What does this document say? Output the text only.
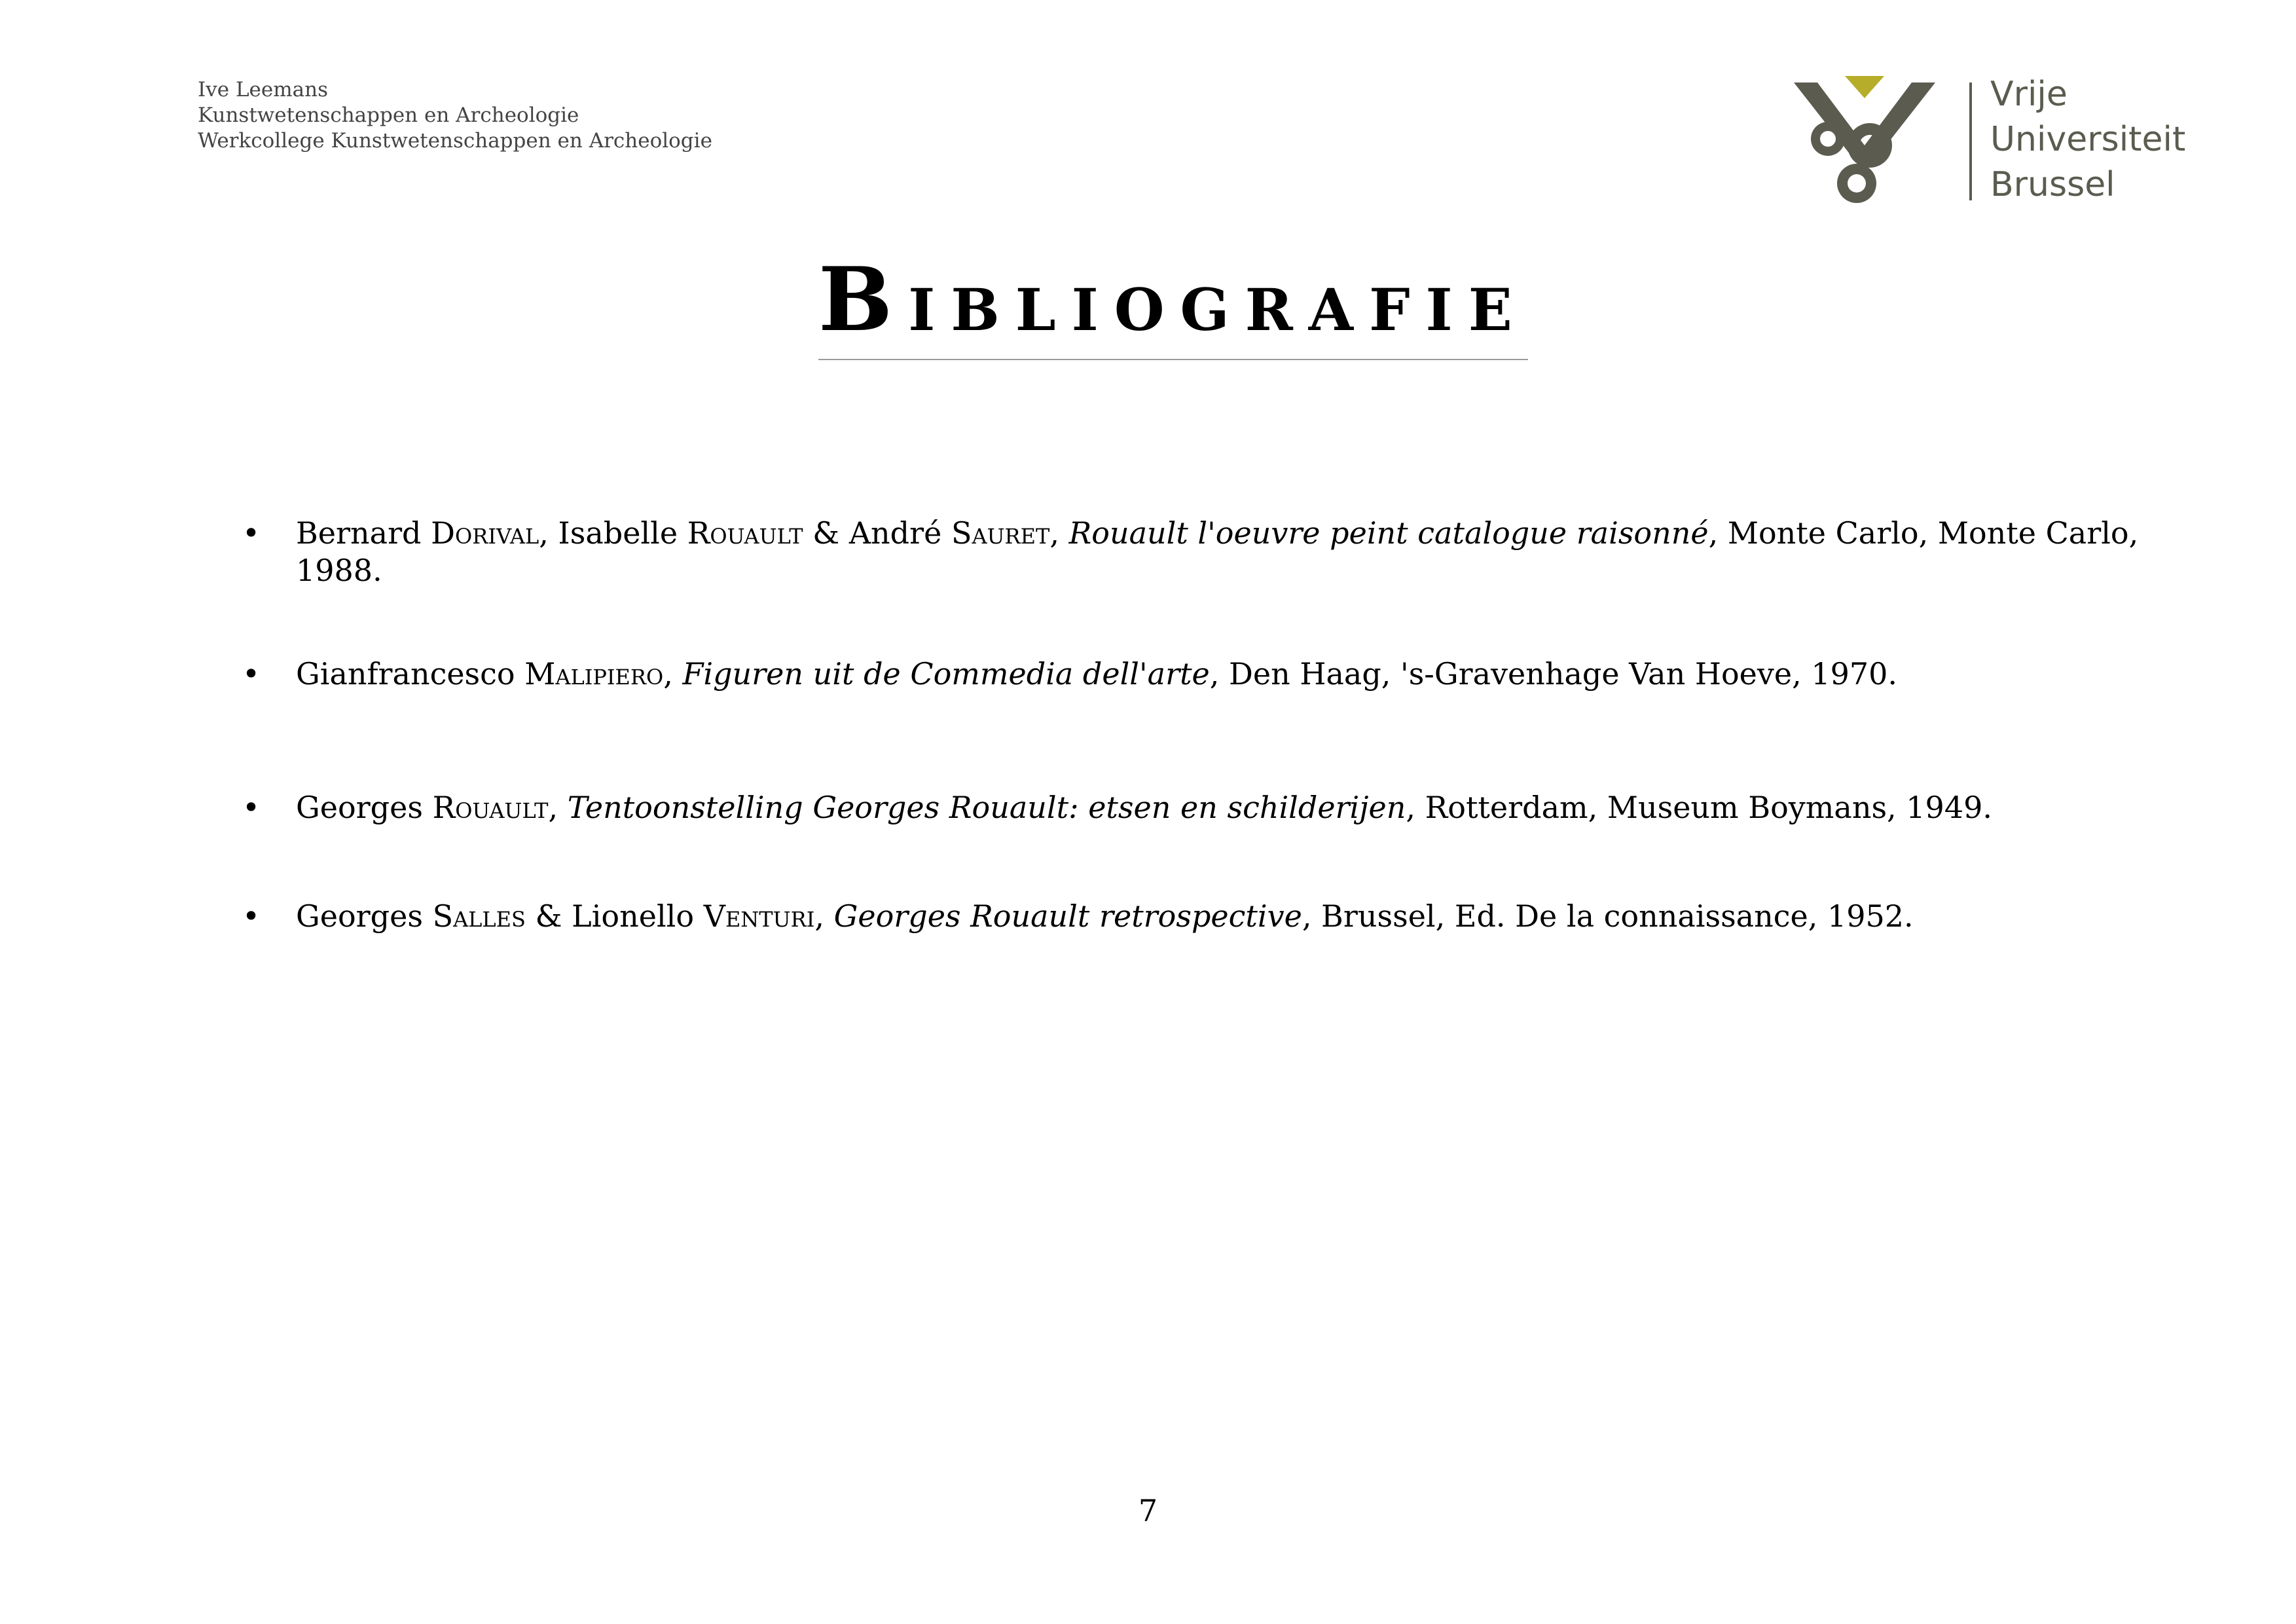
Ive Leemans
Kunstwetenschappen en Archeologie
Werkcollege Kunstwetenschappen en Archeologie
Vrije
Universiteit
Brussel
BIBLIOGRAFIE
• Bernard Dorival, Isabelle Rouault & André Sauret, Rouault l'oeuvre peint catalogue raisonné, Monte Carlo, Monte Carlo, 1988.
• Gianfrancesco Malipiero, Figuren uit de Commedia dell'arte, Den Haag, 's-Gravenhage Van Hoeve, 1970.
• Georges Rouault, Tentoonstelling Georges Rouault: etsen en schilderijen, Rotterdam, Museum Boymans, 1949.
• Georges Salles & Lionello Venturi, Georges Rouault retrospective, Brussel, Ed. De la connaissance, 1952.
7
